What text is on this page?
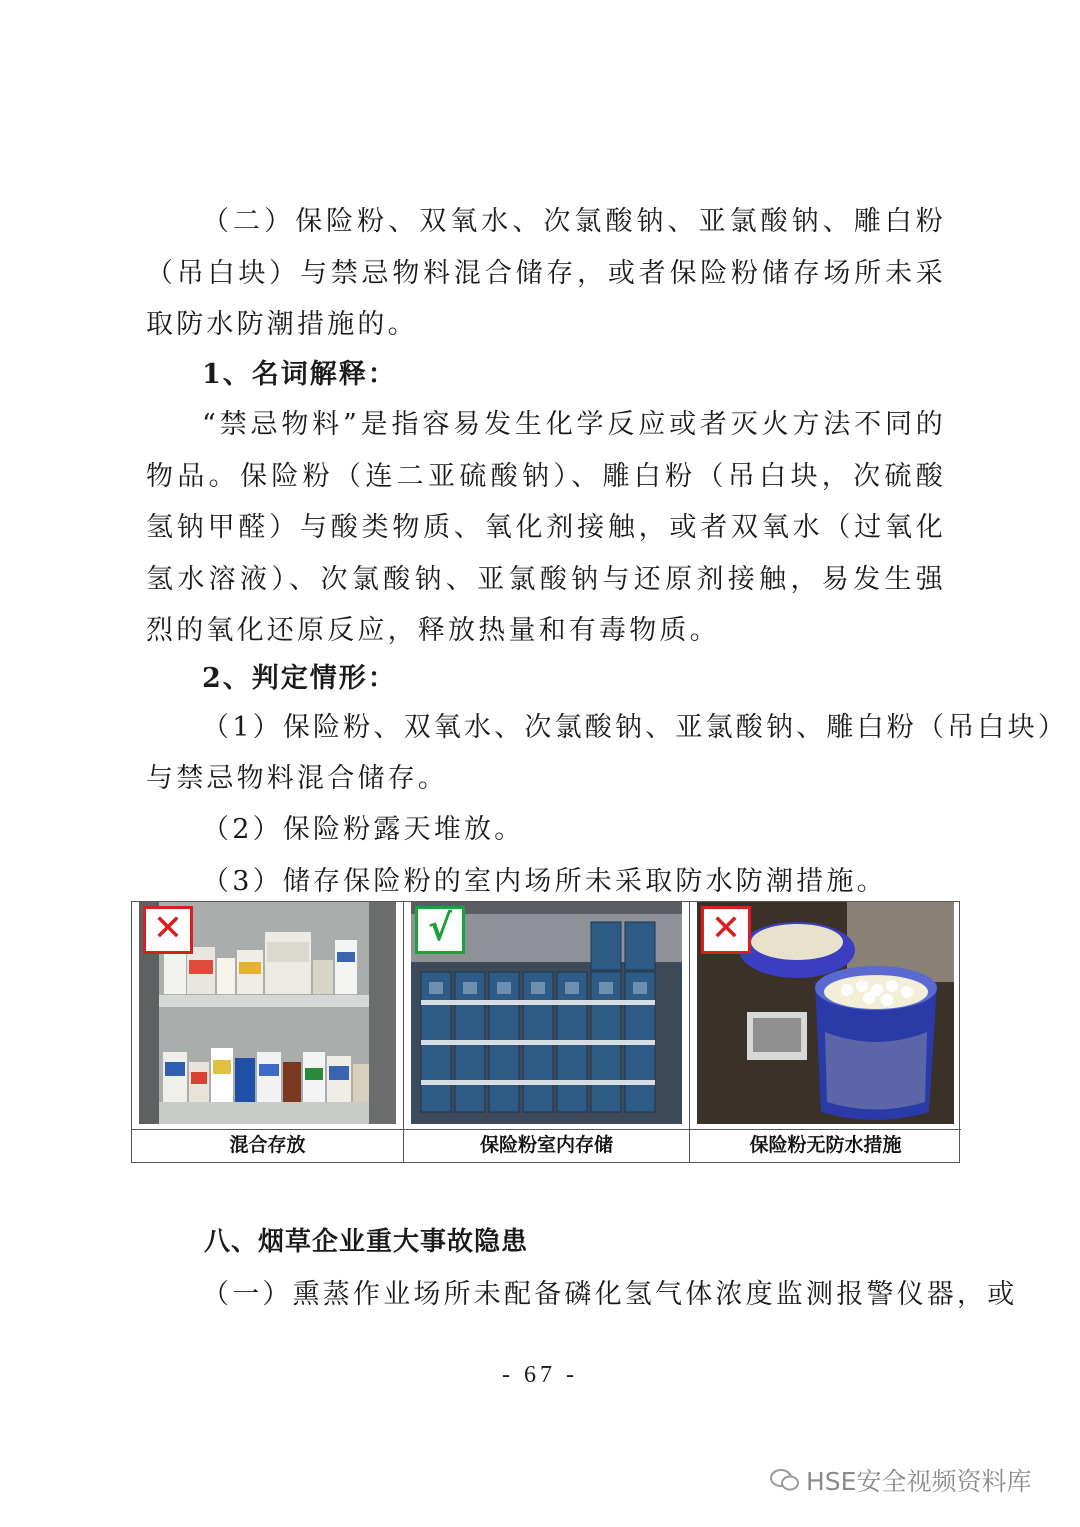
（二）保险粉、双氧水、次氯酸钠、亚氯酸钠、雕白粉（吊白块）与禁忌物料混合储存，或者保险粉储存场所未采取防水防潮措施的。

1、名词解释：

“禁忌物料”是指容易发生化学反应或者灭火方法不同的物品。保险粉（连二亚硫酸钠）、雕白粉（吊白块，次硫酸氢钠甲醛）与酸类物质、氧化剂接触，或者双氧水（过氧化氢水溶液）、次氯酸钠、亚氯酸钠与还原剂接触，易发生强烈的氧化还原反应，释放热量和有毒物质。

2、判定情形：

（1）保险粉、双氧水、次氯酸钠、亚氯酸钠、雕白粉（吊白块）

与禁忌物料混合储存。

（2）保险粉露天堆放。

（3）储存保险粉的室内场所未采取防水防潮措施。

✕
混合存放
√
保险粉室内存储
✕
保险粉无防水措施

八、烟草企业重大事故隐患

（一）熏蒸作业场所未配备磷化氢气体浓度监测报警仪器，或

- 67 -
HSE安全视频资料库
